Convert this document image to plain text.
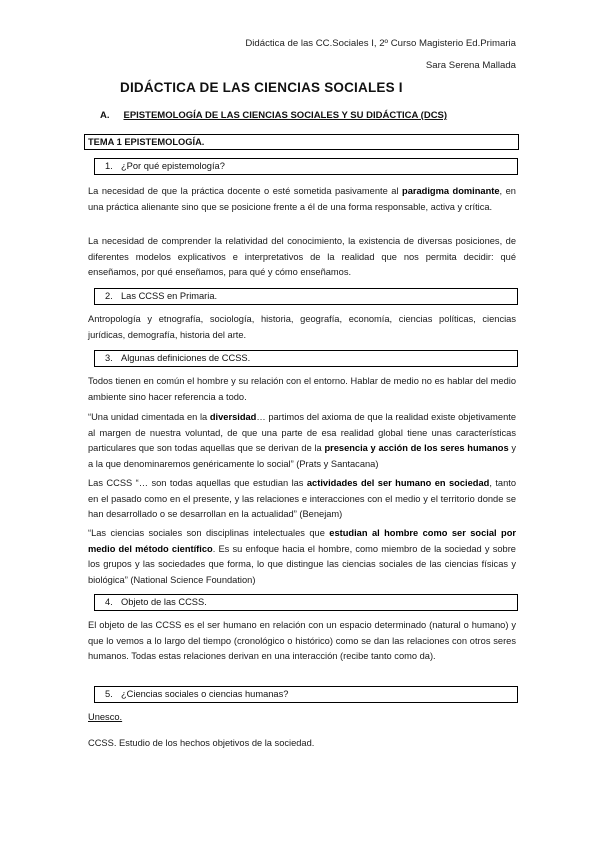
Didáctica de las CC.Sociales I, 2º Curso Magisterio Ed.Primaria
Sara Serena Mallada
DIDÁCTICA DE LAS CIENCIAS SOCIALES I
A. EPISTEMOLOGÍA DE LAS CIENCIAS SOCIALES Y SU DIDÁCTICA (DCS)
TEMA 1 EPISTEMOLOGÍA.
1. ¿Por qué epistemología?

La necesidad de que la práctica docente o esté sometida pasivamente al paradigma dominante, en una práctica alienante sino que se posicione frente a él de una forma responsable, activa y crítica.

La necesidad de comprender la relatividad del conocimiento, la existencia de diversas posiciones, de diferentes modelos explicativos e interpretativos de la realidad que nos permita decidir: qué enseñamos, por qué enseñamos, para qué y cómo enseñamos.

2. Las CCSS en Primaria.

Antropología y etnografía, sociología, historia, geografía, economía, ciencias políticas, ciencias jurídicas, demografía, historia del arte.

3. Algunas definiciones de CCSS.

Todos tienen en común el hombre y su relación con el entorno. Hablar de medio no es hablar del medio ambiente sino hacer referencia a todo.

“Una unidad cimentada en la diversidad… partimos del axioma de que la realidad existe objetivamente al margen de nuestra voluntad, de que una parte de esa realidad global tiene unas características particulares que son todas aquellas que se derivan de la presencia y acción de los seres humanos y a la que denominaremos genéricamente lo social” (Prats y Santacana)

Las CCSS “… son todas aquellas que estudian las actividades del ser humano en sociedad, tanto en el pasado como en el presente, y las relaciones e interacciones con el medio y el territorio donde se han desarrollado o se desarrollan en la actualidad” (Benejam)

“Las ciencias sociales son disciplinas intelectuales que estudian al hombre como ser social por medio del método científico. Es su enfoque hacia el hombre, como miembro de la sociedad y sobre los grupos y las sociedades que forma, lo que distingue las ciencias sociales de las ciencias físicas y biológica” (National Science Foundation)

4. Objeto de las CCSS.

El objeto de las CCSS es el ser humano en relación con un espacio determinado (natural o humano) y que lo vemos a lo largo del tiempo (cronológico o histórico) como se dan las relaciones con otros seres humanos. Todas estas relaciones derivan en una interacción (recibe tanto como da).

5. ¿Ciencias sociales o ciencias humanas?
Unesco.

CCSS. Estudio de los hechos objetivos de la sociedad.
